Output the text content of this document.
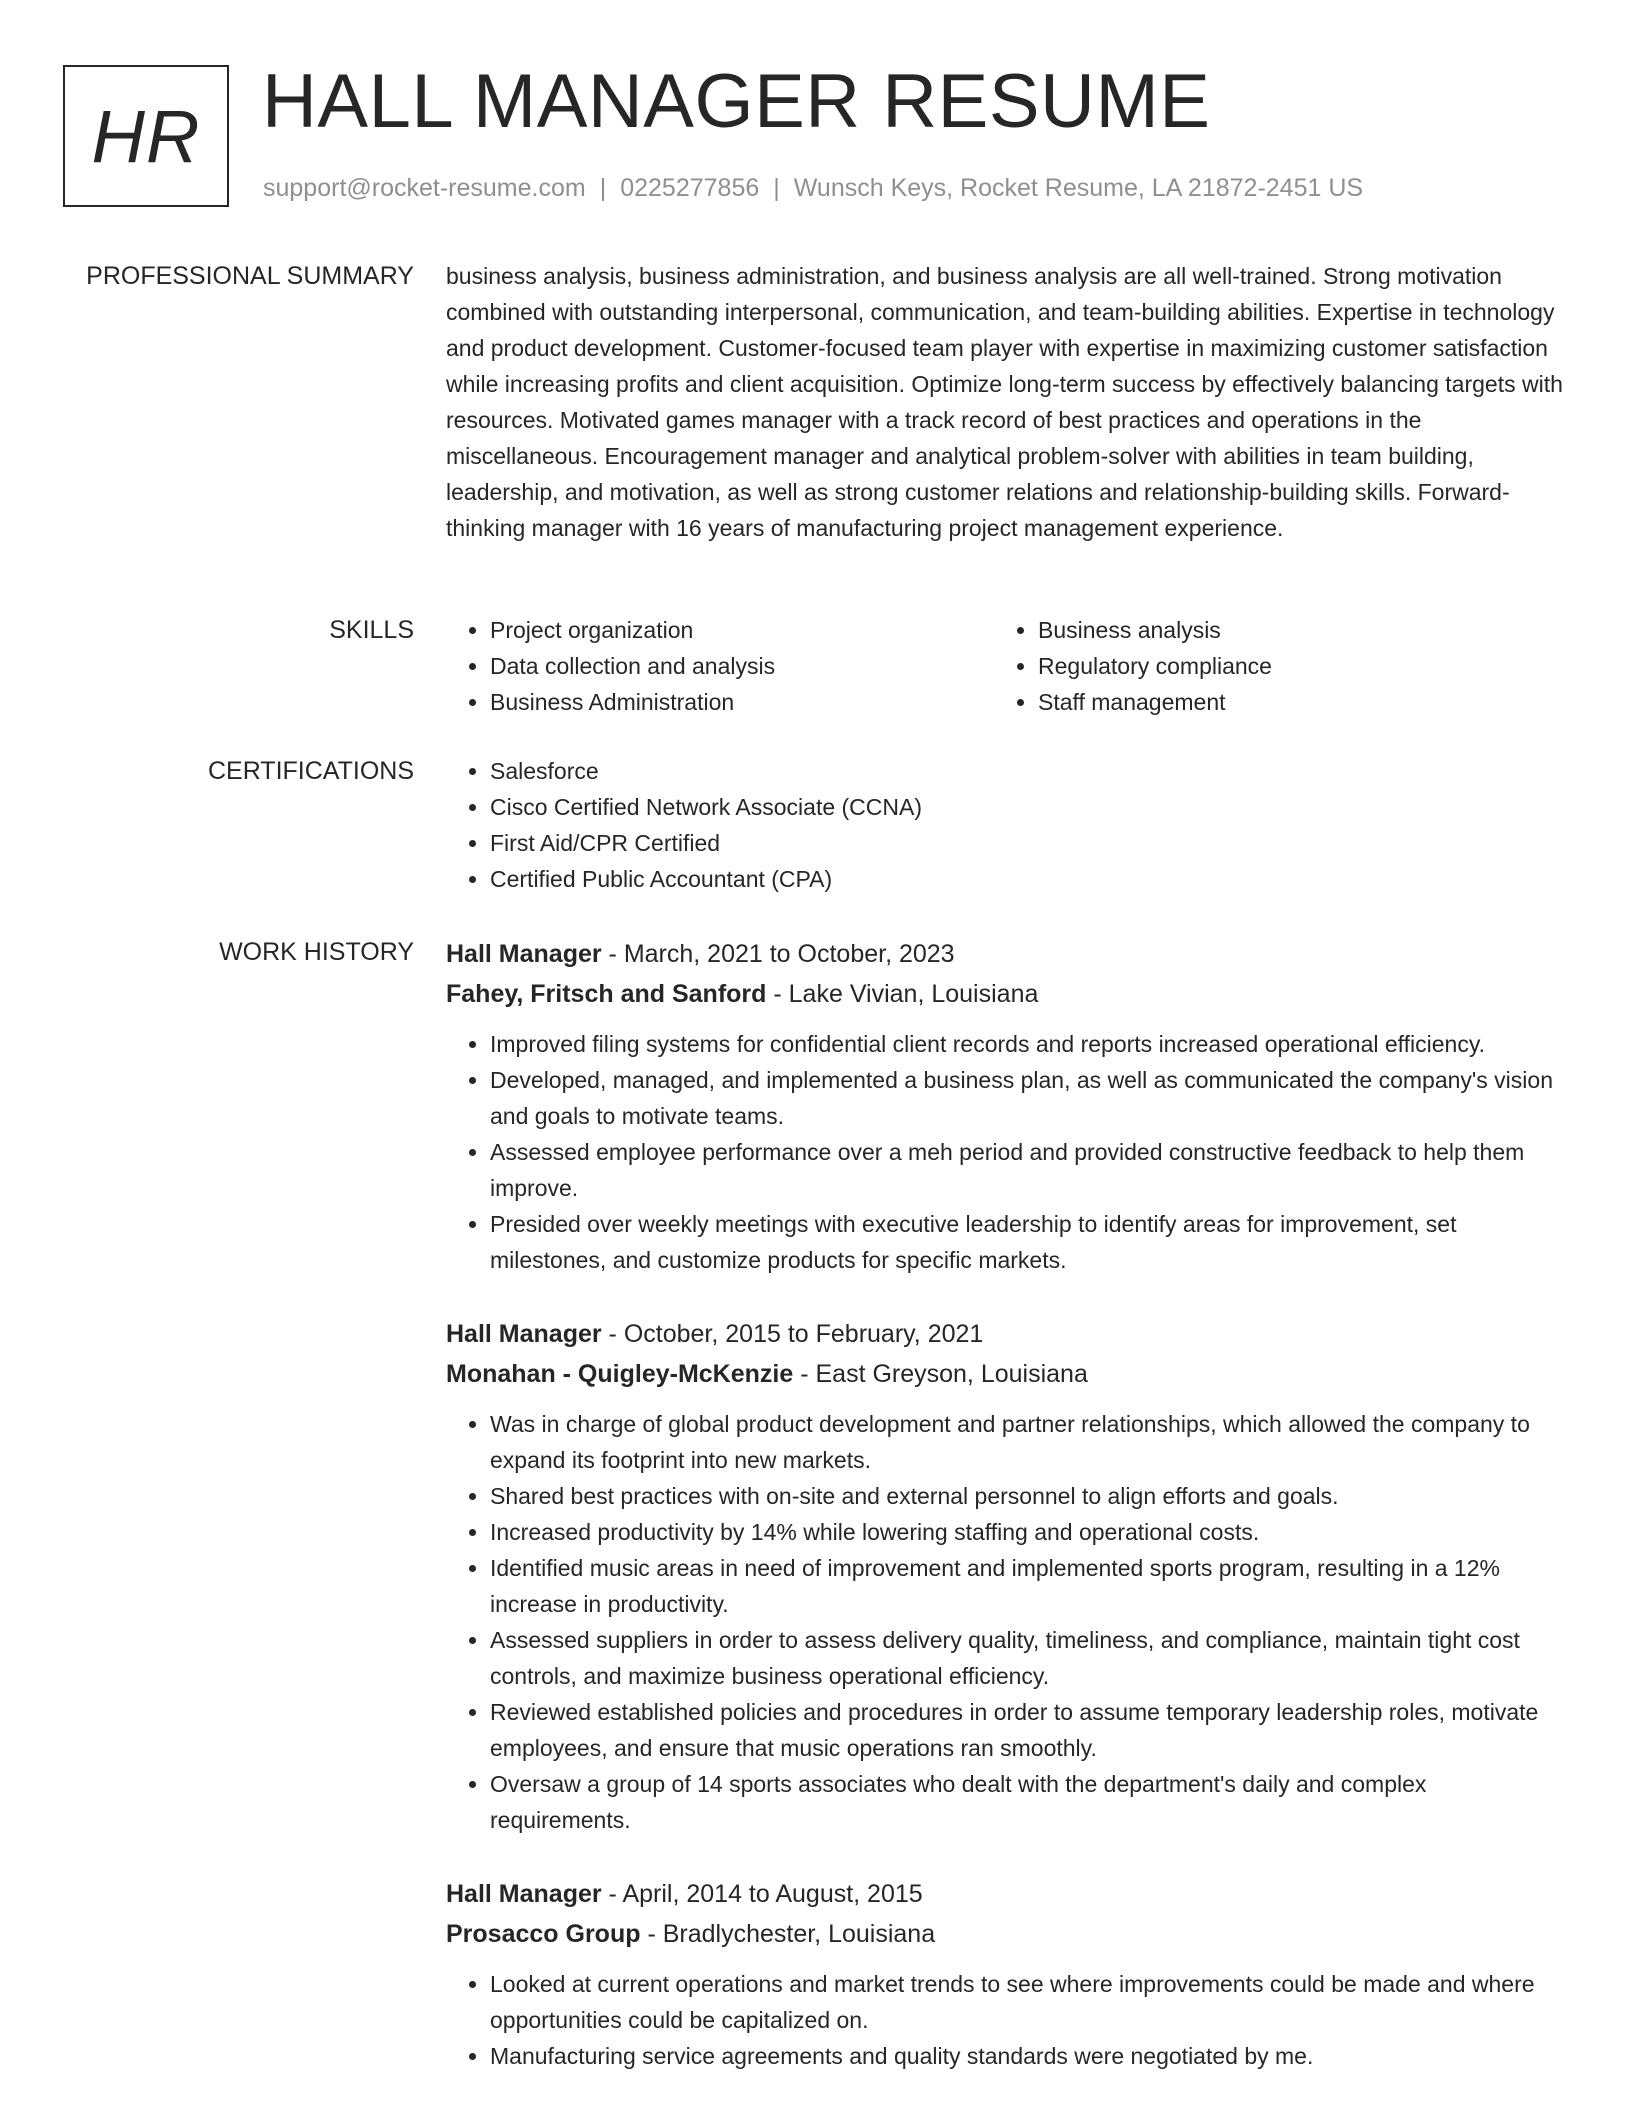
HR HALL MANAGER RESUME
support@rocket-resume.com | 0225277856 | Wunsch Keys, Rocket Resume, LA 21872-2451 US
PROFESSIONAL SUMMARY business analysis, business administration, and business analysis are all well-trained. Strong motivation combined with outstanding interpersonal, communication, and team-building abilities. Expertise in technology and product development. Customer-focused team player with expertise in maximizing customer satisfaction while increasing profits and client acquisition. Optimize long-term success by effectively balancing targets with resources. Motivated games manager with a track record of best practices and operations in the miscellaneous. Encouragement manager and analytical problem-solver with abilities in team building, leadership, and motivation, as well as strong customer relations and relationship-building skills. Forward-thinking manager with 16 years of manufacturing project management experience.

SKILLS	• Project organization
• Data collection and analysis
• Business Administration
• Business analysis
• Regulatory compliance
• Staff management
CERTIFICATIONS	• Salesforce
• Cisco Certified Network Associate (CCNA)
• First Aid/CPR Certified
• Certified Public Accountant (CPA)
WORK HISTORY Hall Manager - March, 2021 to October, 2023
Fahey, Fritsch and Sanford - Lake Vivian, Louisiana
• Improved filing systems for confidential client records and reports increased operational efficiency.
• Developed, managed, and implemented a business plan, as well as communicated the company's vision and goals to motivate teams.
• Assessed employee performance over a meh period and provided constructive feedback to help them improve.
• Presided over weekly meetings with executive leadership to identify areas for improvement, set milestones, and customize products for specific markets.
Hall Manager - October, 2015 to February, 2021
Monahan - Quigley-McKenzie - East Greyson, Louisiana
• Was in charge of global product development and partner relationships, which allowed the company to expand its footprint into new markets.
• Shared best practices with on-site and external personnel to align efforts and goals.
• Increased productivity by 14% while lowering staffing and operational costs.
• Identified music areas in need of improvement and implemented sports program, resulting in a 12% increase in productivity.
• Assessed suppliers in order to assess delivery quality, timeliness, and compliance, maintain tight cost controls, and maximize business operational efficiency.
• Reviewed established policies and procedures in order to assume temporary leadership roles, motivate employees, and ensure that music operations ran smoothly.
• Oversaw a group of 14 sports associates who dealt with the department's daily and complex requirements.
Hall Manager - April, 2014 to August, 2015
Prosacco Group - Bradlychester, Louisiana
• Looked at current operations and market trends to see where improvements could be made and where opportunities could be capitalized on.
• Manufacturing service agreements and quality standards were negotiated by me.
